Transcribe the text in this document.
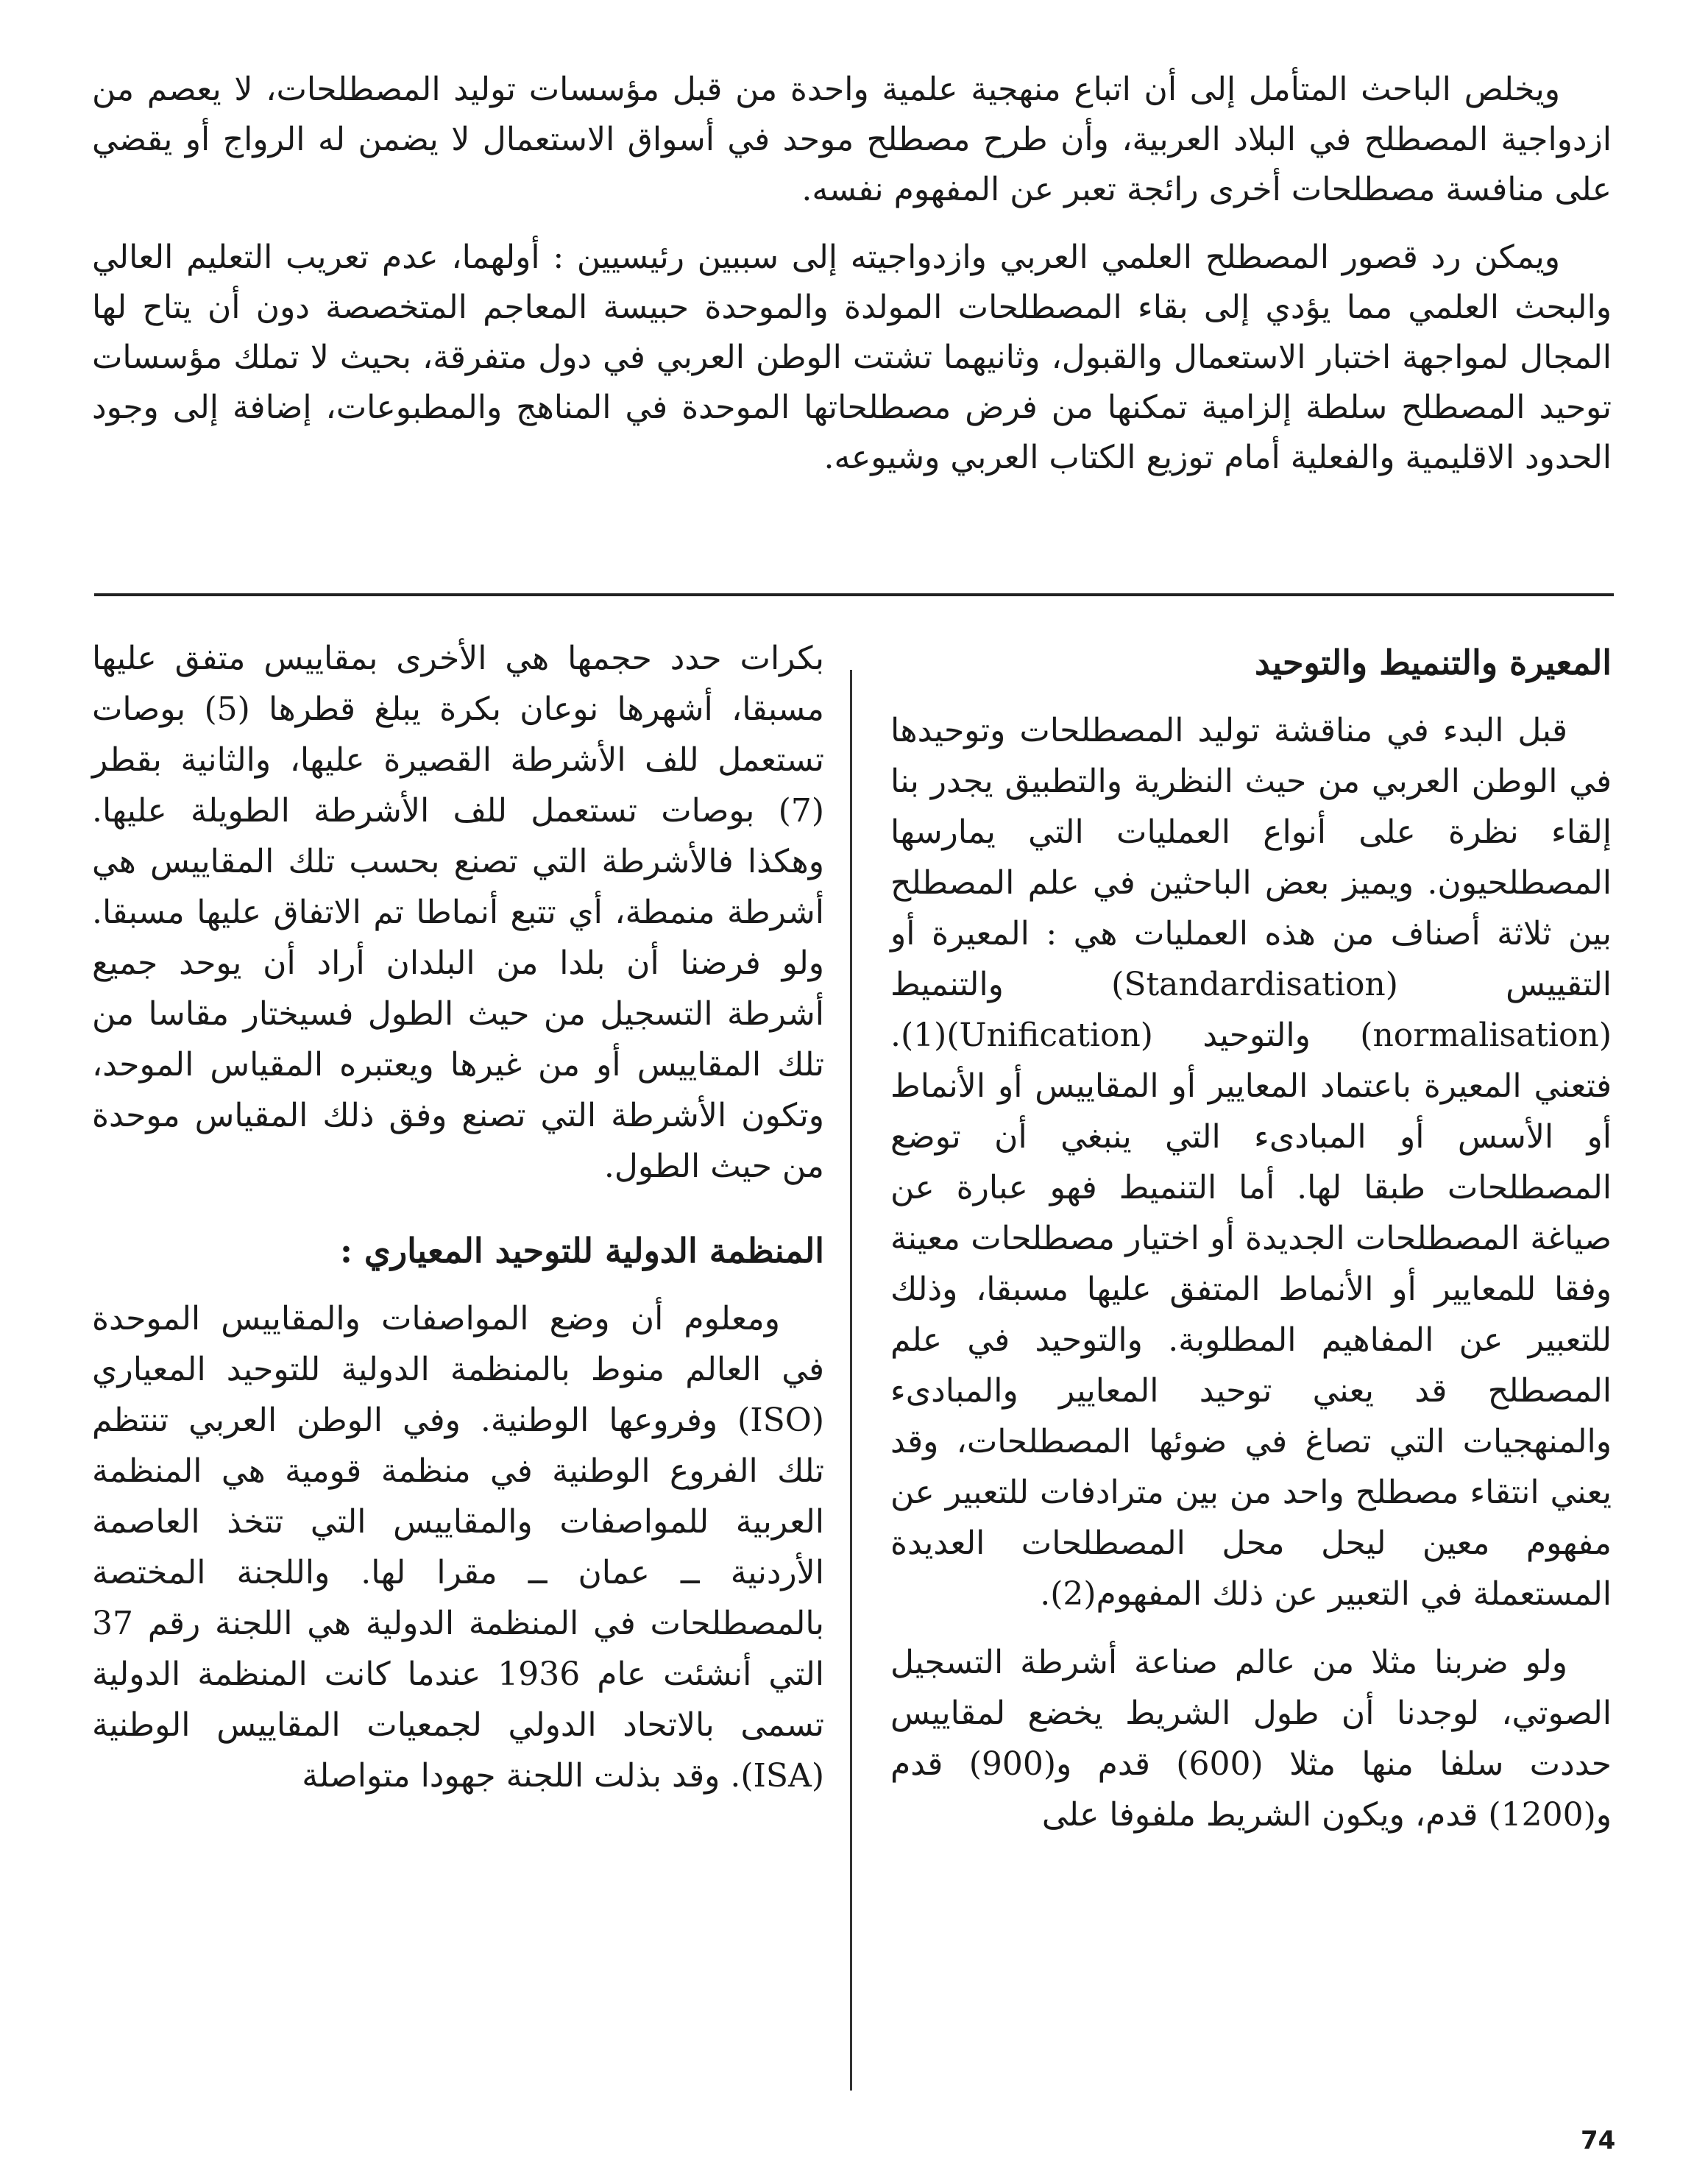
ويخلص الباحث المتأمل إلى أن اتباع منهجية علمية واحدة من قبل مؤسسات توليد المصطلحات، لا يعصم من ازدواجية المصطلح في البلاد العربية، وأن طرح مصطلح موحد في أسواق الاستعمال لا يضمن له الرواج أو يقضي على منافسة مصطلحات أخرى رائجة تعبر عن المفهوم نفسه.

ويمكن رد قصور المصطلح العلمي العربي وازدواجيته إلى سببين رئيسيين : أولهما، عدم تعريب التعليم العالي والبحث العلمي مما يؤدي إلى بقاء المصطلحات المولدة والموحدة حبيسة المعاجم المتخصصة دون أن يتاح لها المجال لمواجهة اختبار الاستعمال والقبول، وثانيهما تشتت الوطن العربي في دول متفرقة، بحيث لا تملك مؤسسات توحيد المصطلح سلطة إلزامية تمكنها من فرض مصطلحاتها الموحدة في المناهج والمطبوعات، إضافة إلى وجود الحدود الاقليمية والفعلية أمام توزيع الكتاب العربي وشيوعه.

المعيرة والتنميط والتوحيد

قبل البدء في مناقشة توليد المصطلحات وتوحيدها في الوطن العربي من حيث النظرية والتطبيق يجدر بنا إلقاء نظرة على أنواع العمليات التي يمارسها المصطلحيون. ويميز بعض الباحثين في علم المصطلح بين ثلاثة أصناف من هذه العمليات هي : المعيرة أو التقييس (Standardisation) والتنميط (normalisation) والتوحيد (Unification)(1). فتعني المعيرة باعتماد المعايير أو المقاييس أو الأنماط أو الأسس أو المبادىء التي ينبغي أن توضع المصطلحات طبقا لها. أما التنميط فهو عبارة عن صياغة المصطلحات الجديدة أو اختيار مصطلحات معينة وفقا للمعايير أو الأنماط المتفق عليها مسبقا، وذلك للتعبير عن المفاهيم المطلوبة. والتوحيد في علم المصطلح قد يعني توحيد المعايير والمبادىء والمنهجيات التي تصاغ في ضوئها المصطلحات، وقد يعني انتقاء مصطلح واحد من بين مترادفات للتعبير عن مفهوم معين ليحل محل المصطلحات العديدة المستعملة في التعبير عن ذلك المفهوم(2).

ولو ضربنا مثلا من عالم صناعة أشرطة التسجيل الصوتي، لوجدنا أن طول الشريط يخضع لمقاييس حددت سلفا منها مثلا (600) قدم و(900) قدم و(1200) قدم، ويكون الشريط ملفوفا على

بكرات حدد حجمها هي الأخرى بمقاييس متفق عليها مسبقا، أشهرها نوعان بكرة يبلغ قطرها (5) بوصات تستعمل للف الأشرطة القصيرة عليها، والثانية بقطر (7) بوصات تستعمل للف الأشرطة الطويلة عليها. وهكذا فالأشرطة التي تصنع بحسب تلك المقاييس هي أشرطة منمطة، أي تتبع أنماطا تم الاتفاق عليها مسبقا. ولو فرضنا أن بلدا من البلدان أراد أن يوحد جميع أشرطة التسجيل من حيث الطول فسيختار مقاسا من تلك المقاييس أو من غيرها ويعتبره المقياس الموحد، وتكون الأشرطة التي تصنع وفق ذلك المقياس موحدة من حيث الطول.

المنظمة الدولية للتوحيد المعياري :

ومعلوم أن وضع المواصفات والمقاييس الموحدة في العالم منوط بالمنظمة الدولية للتوحيد المعياري (ISO) وفروعها الوطنية. وفي الوطن العربي تنتظم تلك الفروع الوطنية في منظمة قومية هي المنظمة العربية للمواصفات والمقاييس التي تتخذ العاصمة الأردنية ــ عمان ــ مقرا لها. واللجنة المختصة بالمصطلحات في المنظمة الدولية هي اللجنة رقم 37 التي أنشئت عام 1936 عندما كانت المنظمة الدولية تسمى بالاتحاد الدولي لجمعيات المقاييس الوطنية (ISA). وقد بذلت اللجنة جهودا متواصلة

74
